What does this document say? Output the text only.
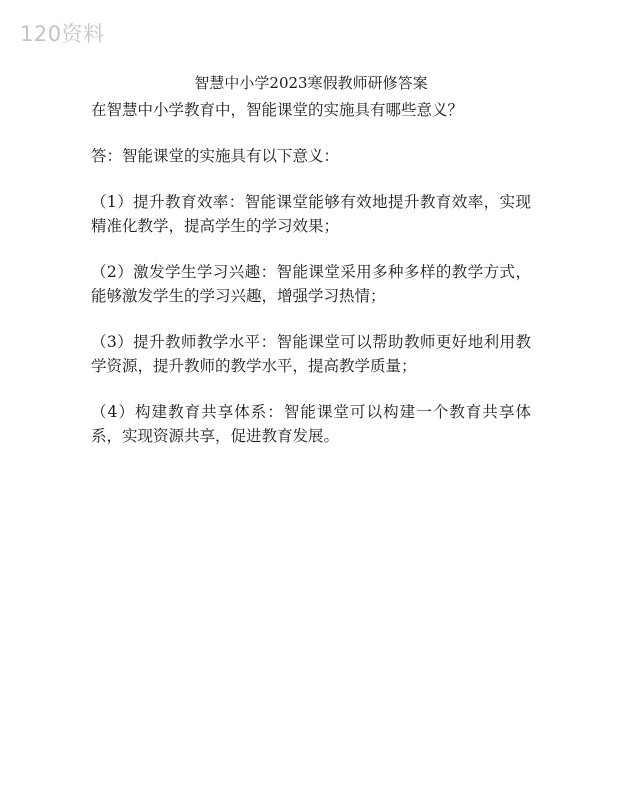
120资料
智慧中小学2023寒假教师研修答案

在智慧中小学教育中，智能课堂的实施具有哪些意义？

答：智能课堂的实施具有以下意义：

（1）提升教育效率：智能课堂能够有效地提升教育效率，实现精准化教学，提高学生的学习效果；

（2）激发学生学习兴趣：智能课堂采用多种多样的教学方式，能够激发学生的学习兴趣，增强学习热情；

（3）提升教师教学水平：智能课堂可以帮助教师更好地利用教学资源，提升教师的教学水平，提高教学质量；

（4）构建教育共享体系：智能课堂可以构建一个教育共享体系，实现资源共享，促进教育发展。
